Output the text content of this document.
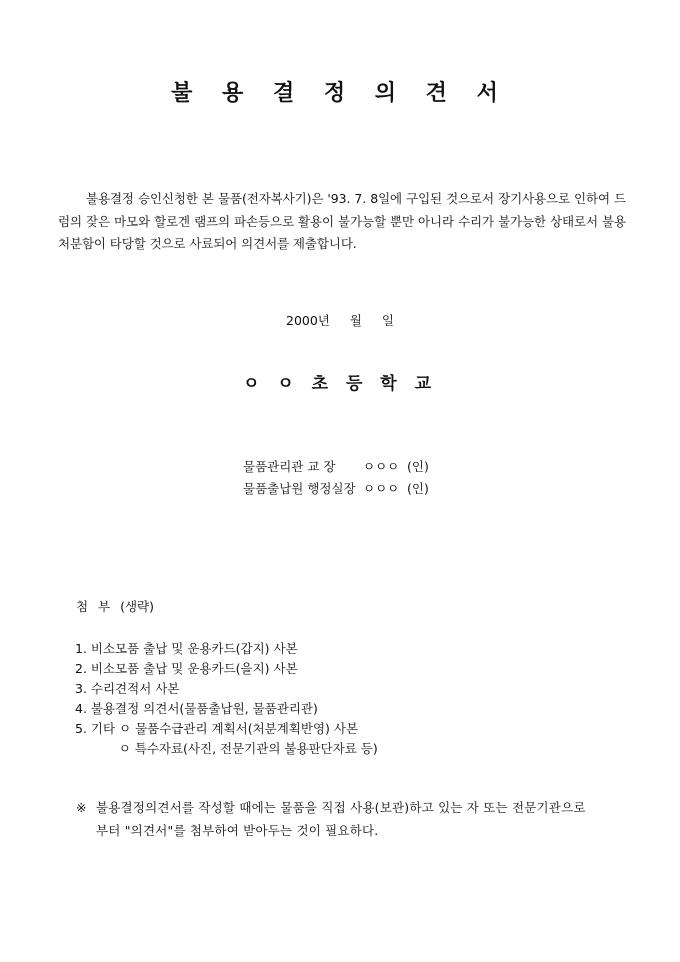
불 용 결 정 의 견 서
불용결정 승인신청한 본 물품(전자복사기)은 '93. 7. 8일에 구입된 것으로서 장기사용으로 인하여 드럼의 잦은 마모와 할로겐 램프의 파손등으로 활용이 불가능할 뿐만 아니라 수리가 불가능한 상태로서 불용처분함이 타당할 것으로 사료되어 의견서를 제출합니다.
2000년 월 일
ㅇ ㅇ 초 등 학 교
물품관리관 교 장 ㅇㅇㅇ (인)
물품출납원 행정실장 ㅇㅇㅇ (인)
첨 부 (생략)
1. 비소모품 출납 및 운용카드(갑지) 사본
2. 비소모품 출납 및 운용카드(을지) 사본
3. 수리견적서 사본
4. 불용결정 의견서(물품출납원, 물품관리관)
5. 기타 ㅇ 물품수급관리 계획서(처분계획반영) 사본
ㅇ 특수자료(사진, 전문기관의 불용판단자료 등)
※ 불용결정의견서를 작성할 때에는 물품을 직접 사용(보관)하고 있는 자 또는 전문기관으로
부터 "의견서"를 첨부하여 받아두는 것이 필요하다.
